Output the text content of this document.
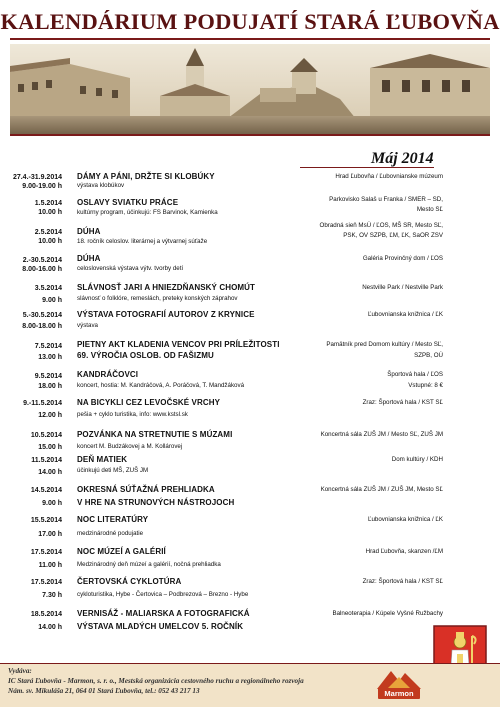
KALENDÁRIUM PODUJATÍ STARÁ ĽUBOVŇA
Máj 2014
27.4.-31.9.2014
9.00-19.00 h
DÁMY A PÁNI, DRŽTE SI KLOBÚKY
výstava klobúkov
Hrad Ľubovňa / Ľubovnianske múzeum
1.5.2014
10.00 h
OSLAVY SVIATKU PRÁCE
kultúrny program, účinkujú: FS Barvinok, Kamienka
Parkovisko Salaš u Franka / SMER – SD,
Mesto SĽ
2.5.2014
10.00 h
DÚHA
18. ročník celoslov. literárnej a výtvarnej súťaže
Obradná sieň MsÚ / ĽOS, MŠ SR, Mesto SĽ,
PSK, OV SZPB, ĽM, ĽK, SaOR ZSV
2.-30.5.2014
8.00-16.00 h
DÚHA
celoslovenská výstava výtv. tvorby detí
Galéria Provinčný dom / ĽOS
3.5.2014
9.00 h
SLÁVNOSŤ JARI A HNIEZDŇANSKÝ CHOMÚT
slávnosť o folklóre, remeslách, preteky konských záprahov
Nestville Park / Nestville Park
5.-30.5.2014
8.00-18.00 h
VÝSTAVA FOTOGRAFIÍ AUTOROV Z KRYNICE
výstava
Ľubovnianska knižnica / ĽK
7.5.2014
13.00 h
PIETNY AKT KLADENIA VENCOV PRI PRÍLEŽITOSTI
69. VÝROČIA OSLOB. OD FAŠIZMU
Pamätník pred Domom kultúry / Mesto SĽ,
SZPB, OÚ
9.5.2014
18.00 h
KANDRÁČOVCI
koncert, hostia: M. Kandráčová, A. Poráčová, T. Mandžáková
Športová hala / ĽOS
Vstupné: 8 €
9.-11.5.2014
12.00 h
NA BICYKLI CEZ LEVOČSKÉ VRCHY
pešia + cyklo turistika, info: www.kstsl.sk
Zraz: Športová hala / KST SĽ
10.5.2014
15.00 h
POZVÁNKA NA STRETNUTIE S MÚZAMI
koncert M. Budzákovej a M. Kollárovej
Koncertná sála ZUŠ JM / Mesto SĽ, ZUŠ JM
11.5.2014
14.00 h
DEŇ MATIEK
účinkujú deti MŠ, ZUŠ JM
Dom kultúry / KDH
14.5.2014
9.00 h
OKRESNÁ SÚŤAŽNÁ PREHLIADKA
V HRE NA STRUNOVÝCH NÁSTROJOCH
Koncertná sála ZUŠ JM / ZUŠ JM, Mesto SĽ
15.5.2014
17.00 h
NOC LITERATÚRY
medzinárodné podujatie
Ľubovnianska knižnica / ĽK
17.5.2014
11.00 h
NOC MÚZEÍ A GALÉRIÍ
Medzinárodný deň múzeí a galérií, nočná prehliadka
Hrad Ľubovňa, skanzen /ĽM
17.5.2014
7.30 h
ČERTOVSKÁ CYKLOTÚRA
cykloturistika, Hybe - Čertovica – Podbrezová – Brezno - Hybe
Zraz: Športová hala / KST SĽ
18.5.2014
14.00 h
VERNISÁŽ - MALIARSKA A FOTOGRAFICKÁ
VÝSTAVA MLADÝCH UMELCOV 5. ROČNÍK
Balneoterapia / Kúpele Vyšné Ružbachy
Vydáva:
IC Stará Ľubovňa - Marmon, s. r. o., Mestská organizácia cestovného ruchu a regionálneho rozvoja
Nám. sv. Mikuláša 21, 064 01 Stará Ľubovňa, tel.: 052 43 217 13	Marmon
